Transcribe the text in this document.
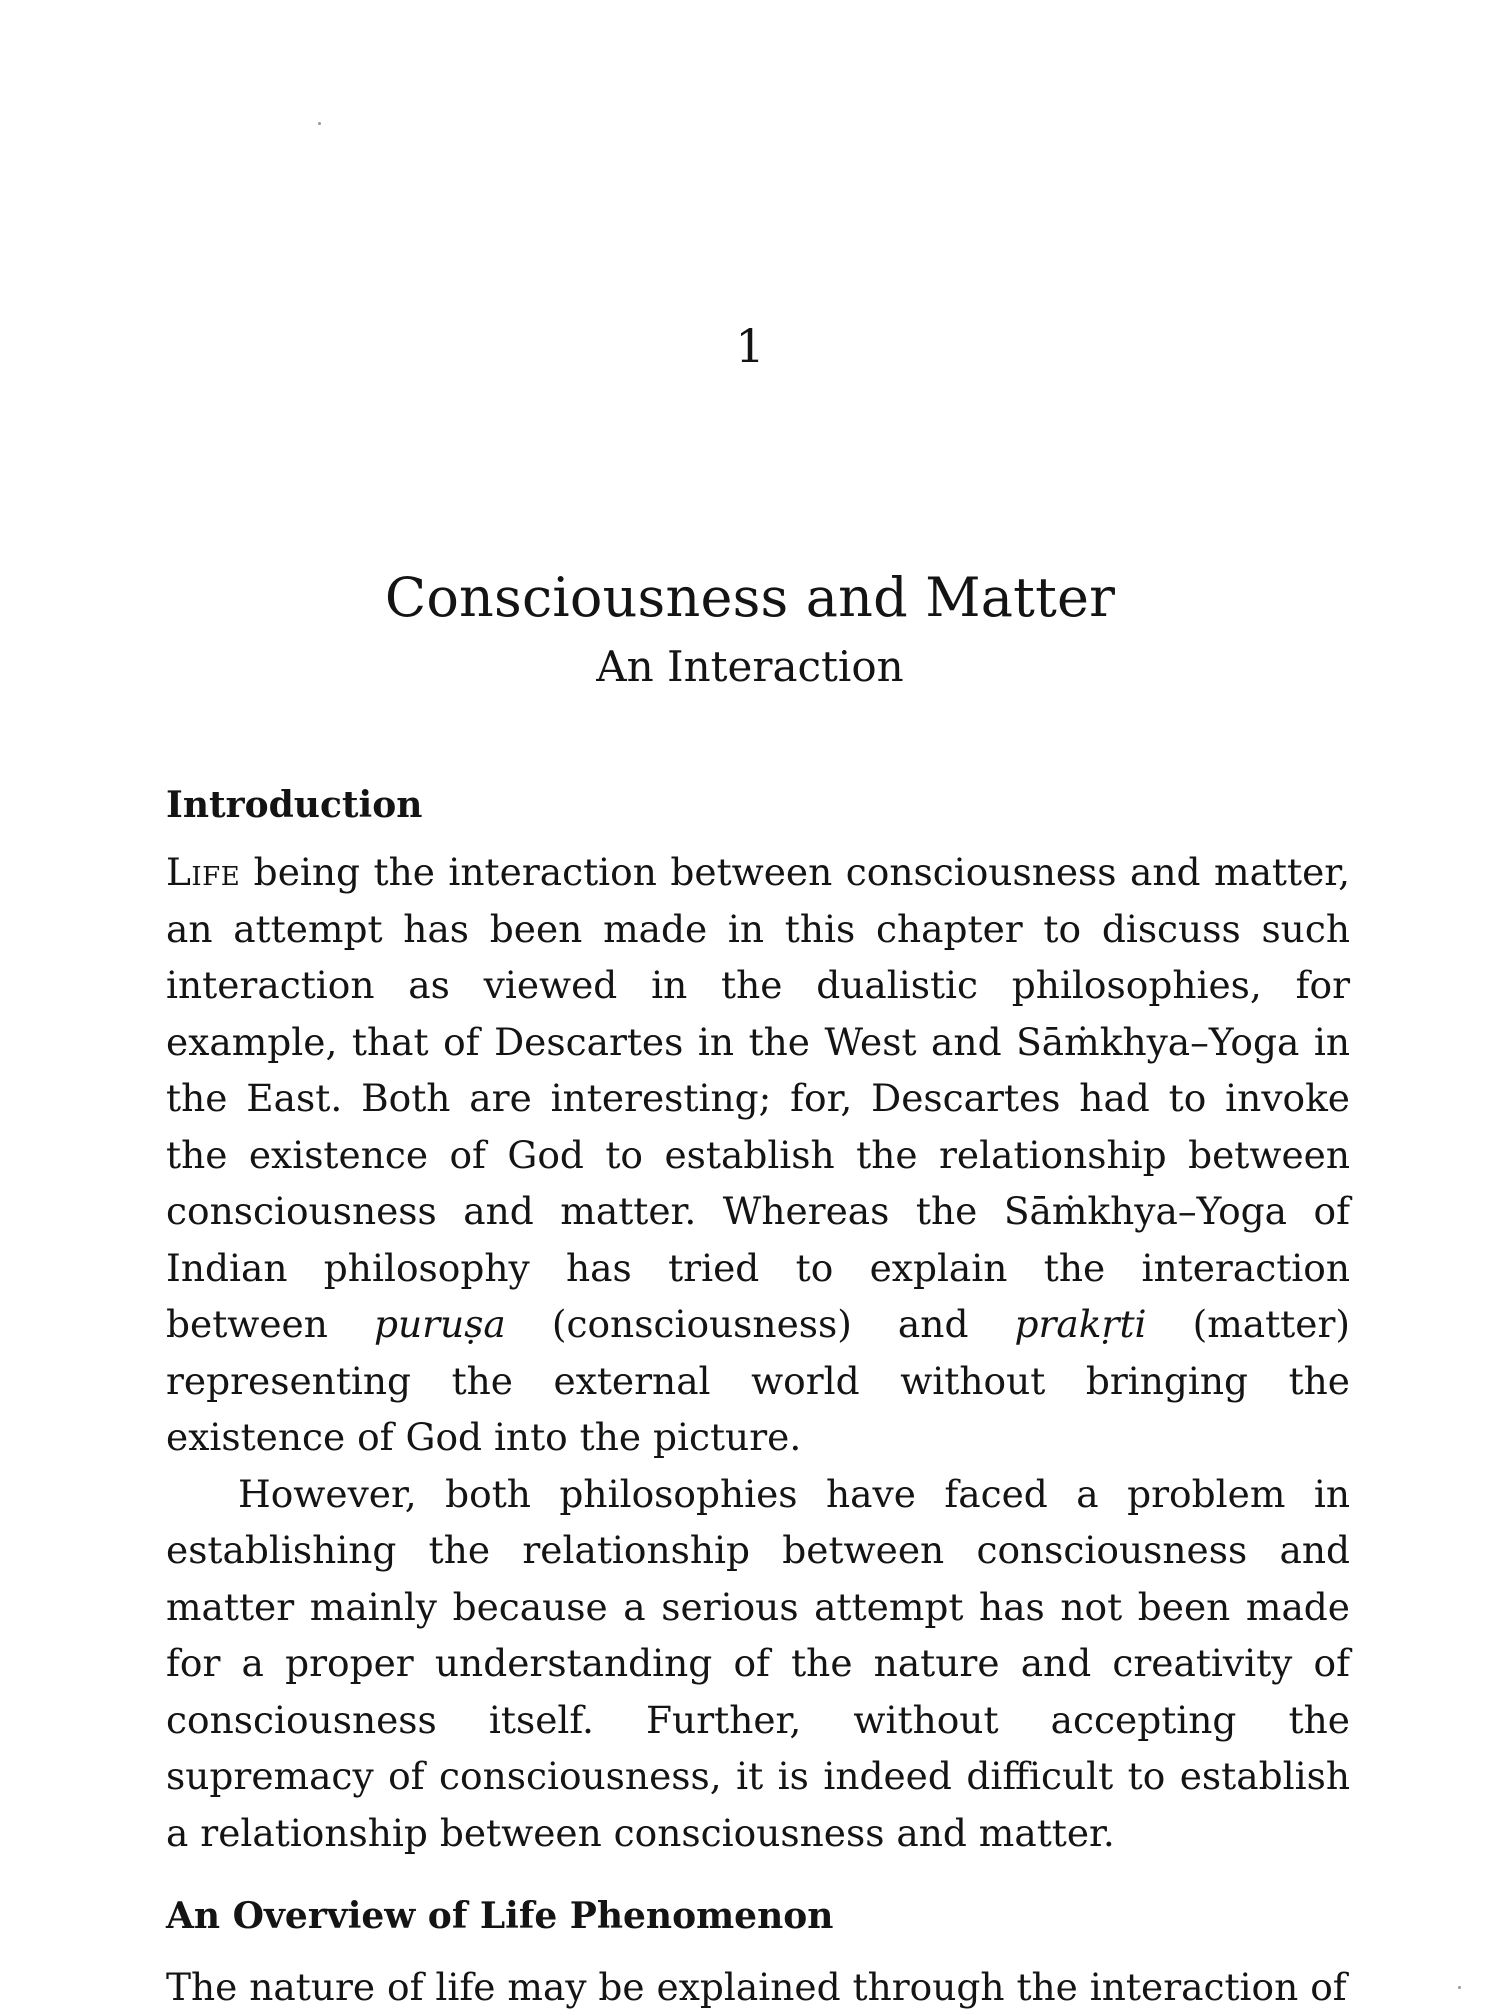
1
Consciousness and Matter
An Interaction
Introduction

Life being the interaction between consciousness and matter, an attempt has been made in this chapter to discuss such interaction as viewed in the dualistic philosophies, for example, that of Descartes in the West and Sāṁkhya–Yoga in the East. Both are interesting; for, Descartes had to invoke the existence of God to establish the relationship between consciousness and matter. Whereas the Sāṁkhya–Yoga of Indian philosophy has tried to explain the interaction between puruṣa (consciousness) and prakṛti (matter) representing the external world without bringing the existence of God into the picture.

However, both philosophies have faced a problem in establishing the relationship between consciousness and matter mainly because a serious attempt has not been made for a proper understanding of the nature and creativity of consciousness itself. Further, without accepting the supremacy of consciousness, it is indeed difficult to establish a relationship between consciousness and matter.

An Overview of Life Phenomenon

The nature of life may be explained through the interaction of
